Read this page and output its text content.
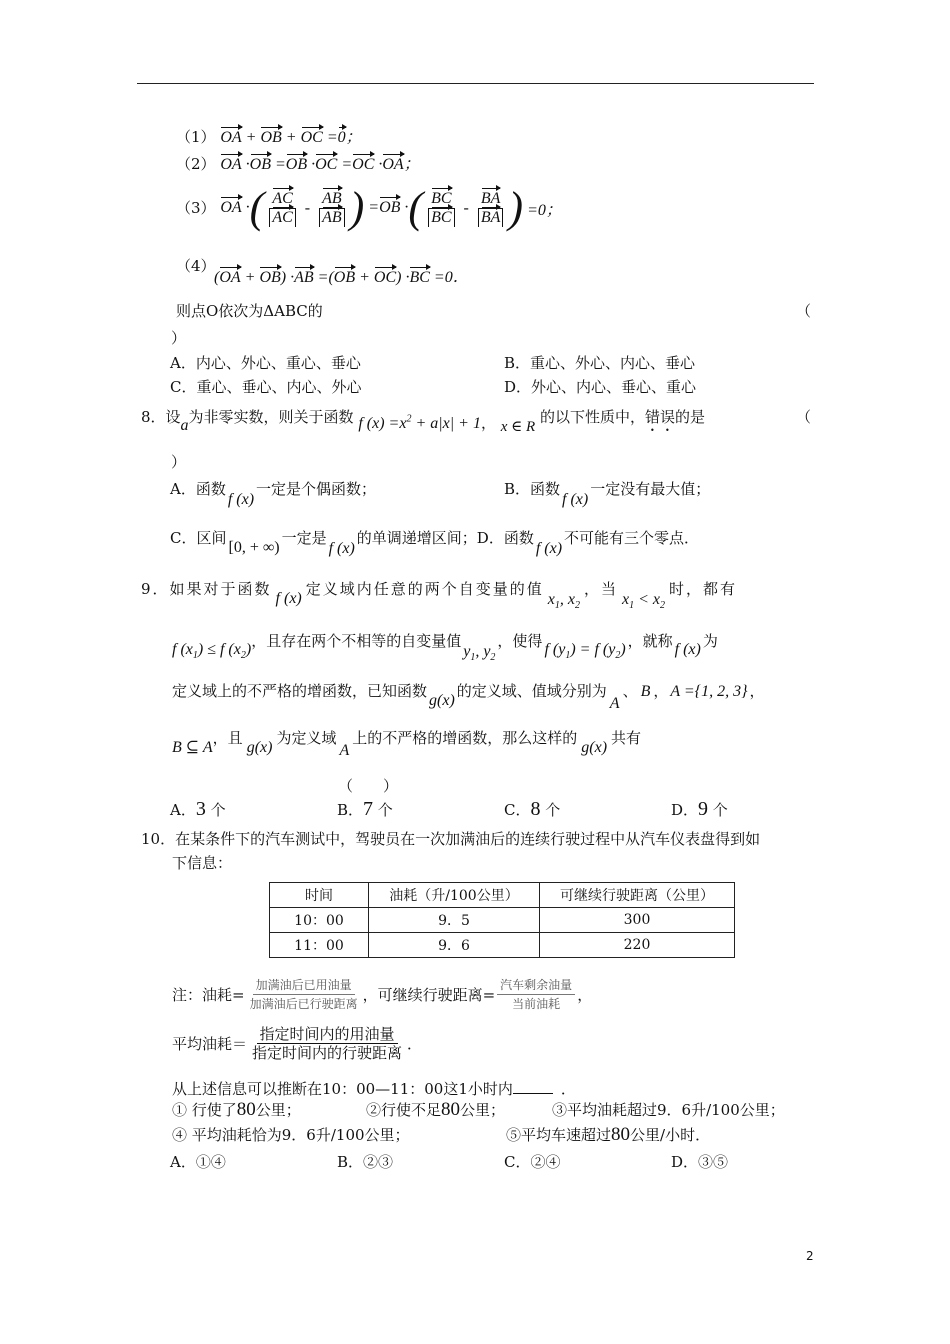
（1） OA + OB + OC =0；
（2） OA ·OB =OB ·OC =OC ·OA；
（3） OA ·( $\frac{AC}{AC} - \frac{AB}{AB}$ ) =OB ·( $\frac{BC}{BC} - \frac{BA}{BA}$ ) =0；
（4）
(OA + OB) ·AB =(OB + OC) ·BC =0．
则点O依次为ΔABC的	（
）
A．内心、外心、重心、垂心	B．重心、外心、内心、垂心
C．重心、垂心、内心、外心	D．外心、内心、垂心、重心
8．设a为非零实数，则关于函数 f $(x) =x^2 + a|x| + 1$， x ∈ R 的以下性质中，错误的是	（
）
A．函数f (x)一定是个偶函数；	B．函数f (x)一定没有最大值；
C．区间[0, + ∞)一定是f (x)的单调递增区间；D．函数f (x)不可能有三个零点．
9．如果对于函数f (x)定义域内任意的两个自变量的值$x_1$, $x_2$，当$x_1 < x_2$时，都有
f $(x_1) \le f$ $(x_2)$，且存在两个不相等的自变量值$y_1$, $y_2$，使得 f $(y_1) = f$ $(y_2)$ ，就称 f (x) 为
定义域上的不严格的增函数，已知函数g(x)的定义域、值域分别为A、 B ， A ={1, 2, 3} ，
B ⊆ A，且g(x)为定义域A上的不严格的增函数，那么这样的g(x)共有
（　　）
A．3 个	B．7 个	C．8 个	D．9 个
10．在某条件下的汽车测试中，驾驶员在一次加满油后的连续行驶过程中从汽车仪表盘得到如
下信息：
时间	油耗（升/100公里）	可继续行驶距离（公里）
10：00	9．5	300
11：00	9．6	220
注：油耗= $\frac{\text{加满油后已用油量}}{\text{加满油后已行驶距离}}$ ，可继续行驶距离= $\frac{\text{汽车剩余油量}}{\text{当前油耗}}$ ，
平均油耗＝ $\frac{\text{指定时间内的用油量}}{\text{指定时间内的行驶距离}}$ ．
从上述信息可以推断在10：00—11：00这1小时内	．
① 行使了80公里；	②行使不足80公里；	③平均油耗超过9．6升/100公里；
④ 平均油耗恰为9．6升/100公里；	⑤平均车速超过80公里/小时．
A．①④	B．②③	C．②④	D．③⑤
2
